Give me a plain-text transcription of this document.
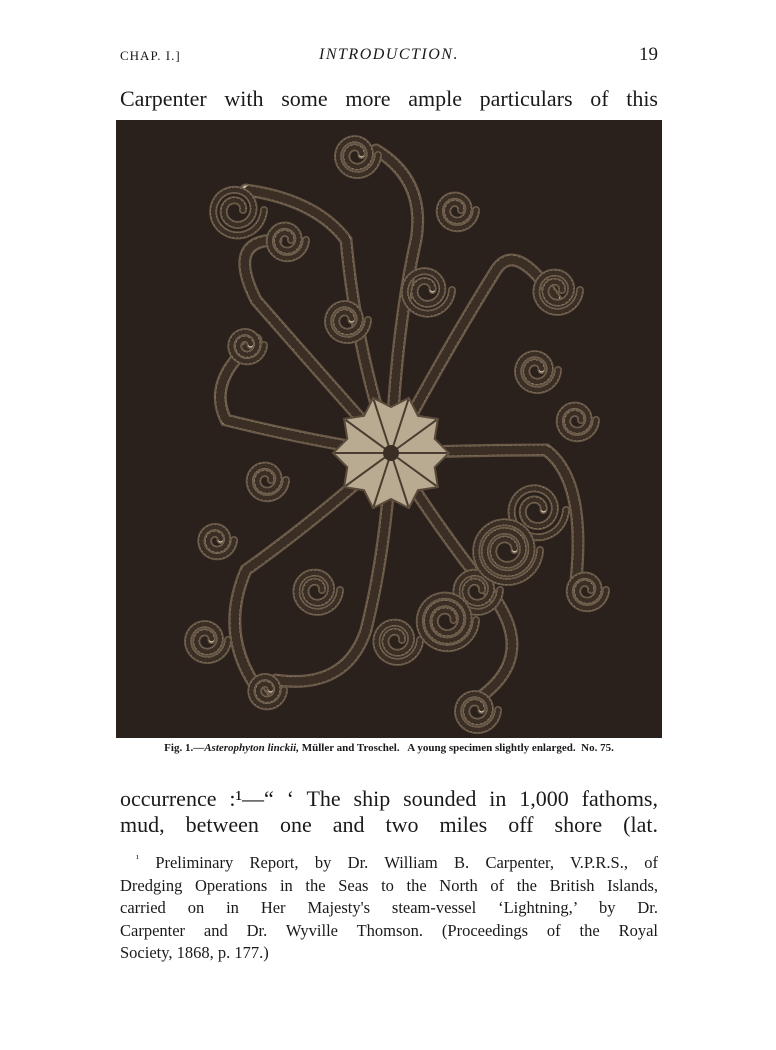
CHAP. I.]	INTRODUCTION.	19
Carpenter with some more ample particulars of this
Fig. 1.—Asterophyton linckii, Müller and Troschel. A young specimen slightly enlarged. No. 75.
occurrence :¹—“ ‘ The ship sounded in 1,000 fathoms,
mud, between one and two miles off shore (lat.
$^{^1}$ Preliminary Report, by Dr. William B. Carpenter, V.P.R.S., of
Dredging Operations in the Seas to the North of the British Islands,
carried on in Her Majesty's steam-vessel ‘Lightning,’ by Dr.
Carpenter and Dr. Wyville Thomson. (Proceedings of the Royal
Society, 1868, p. 177.)
